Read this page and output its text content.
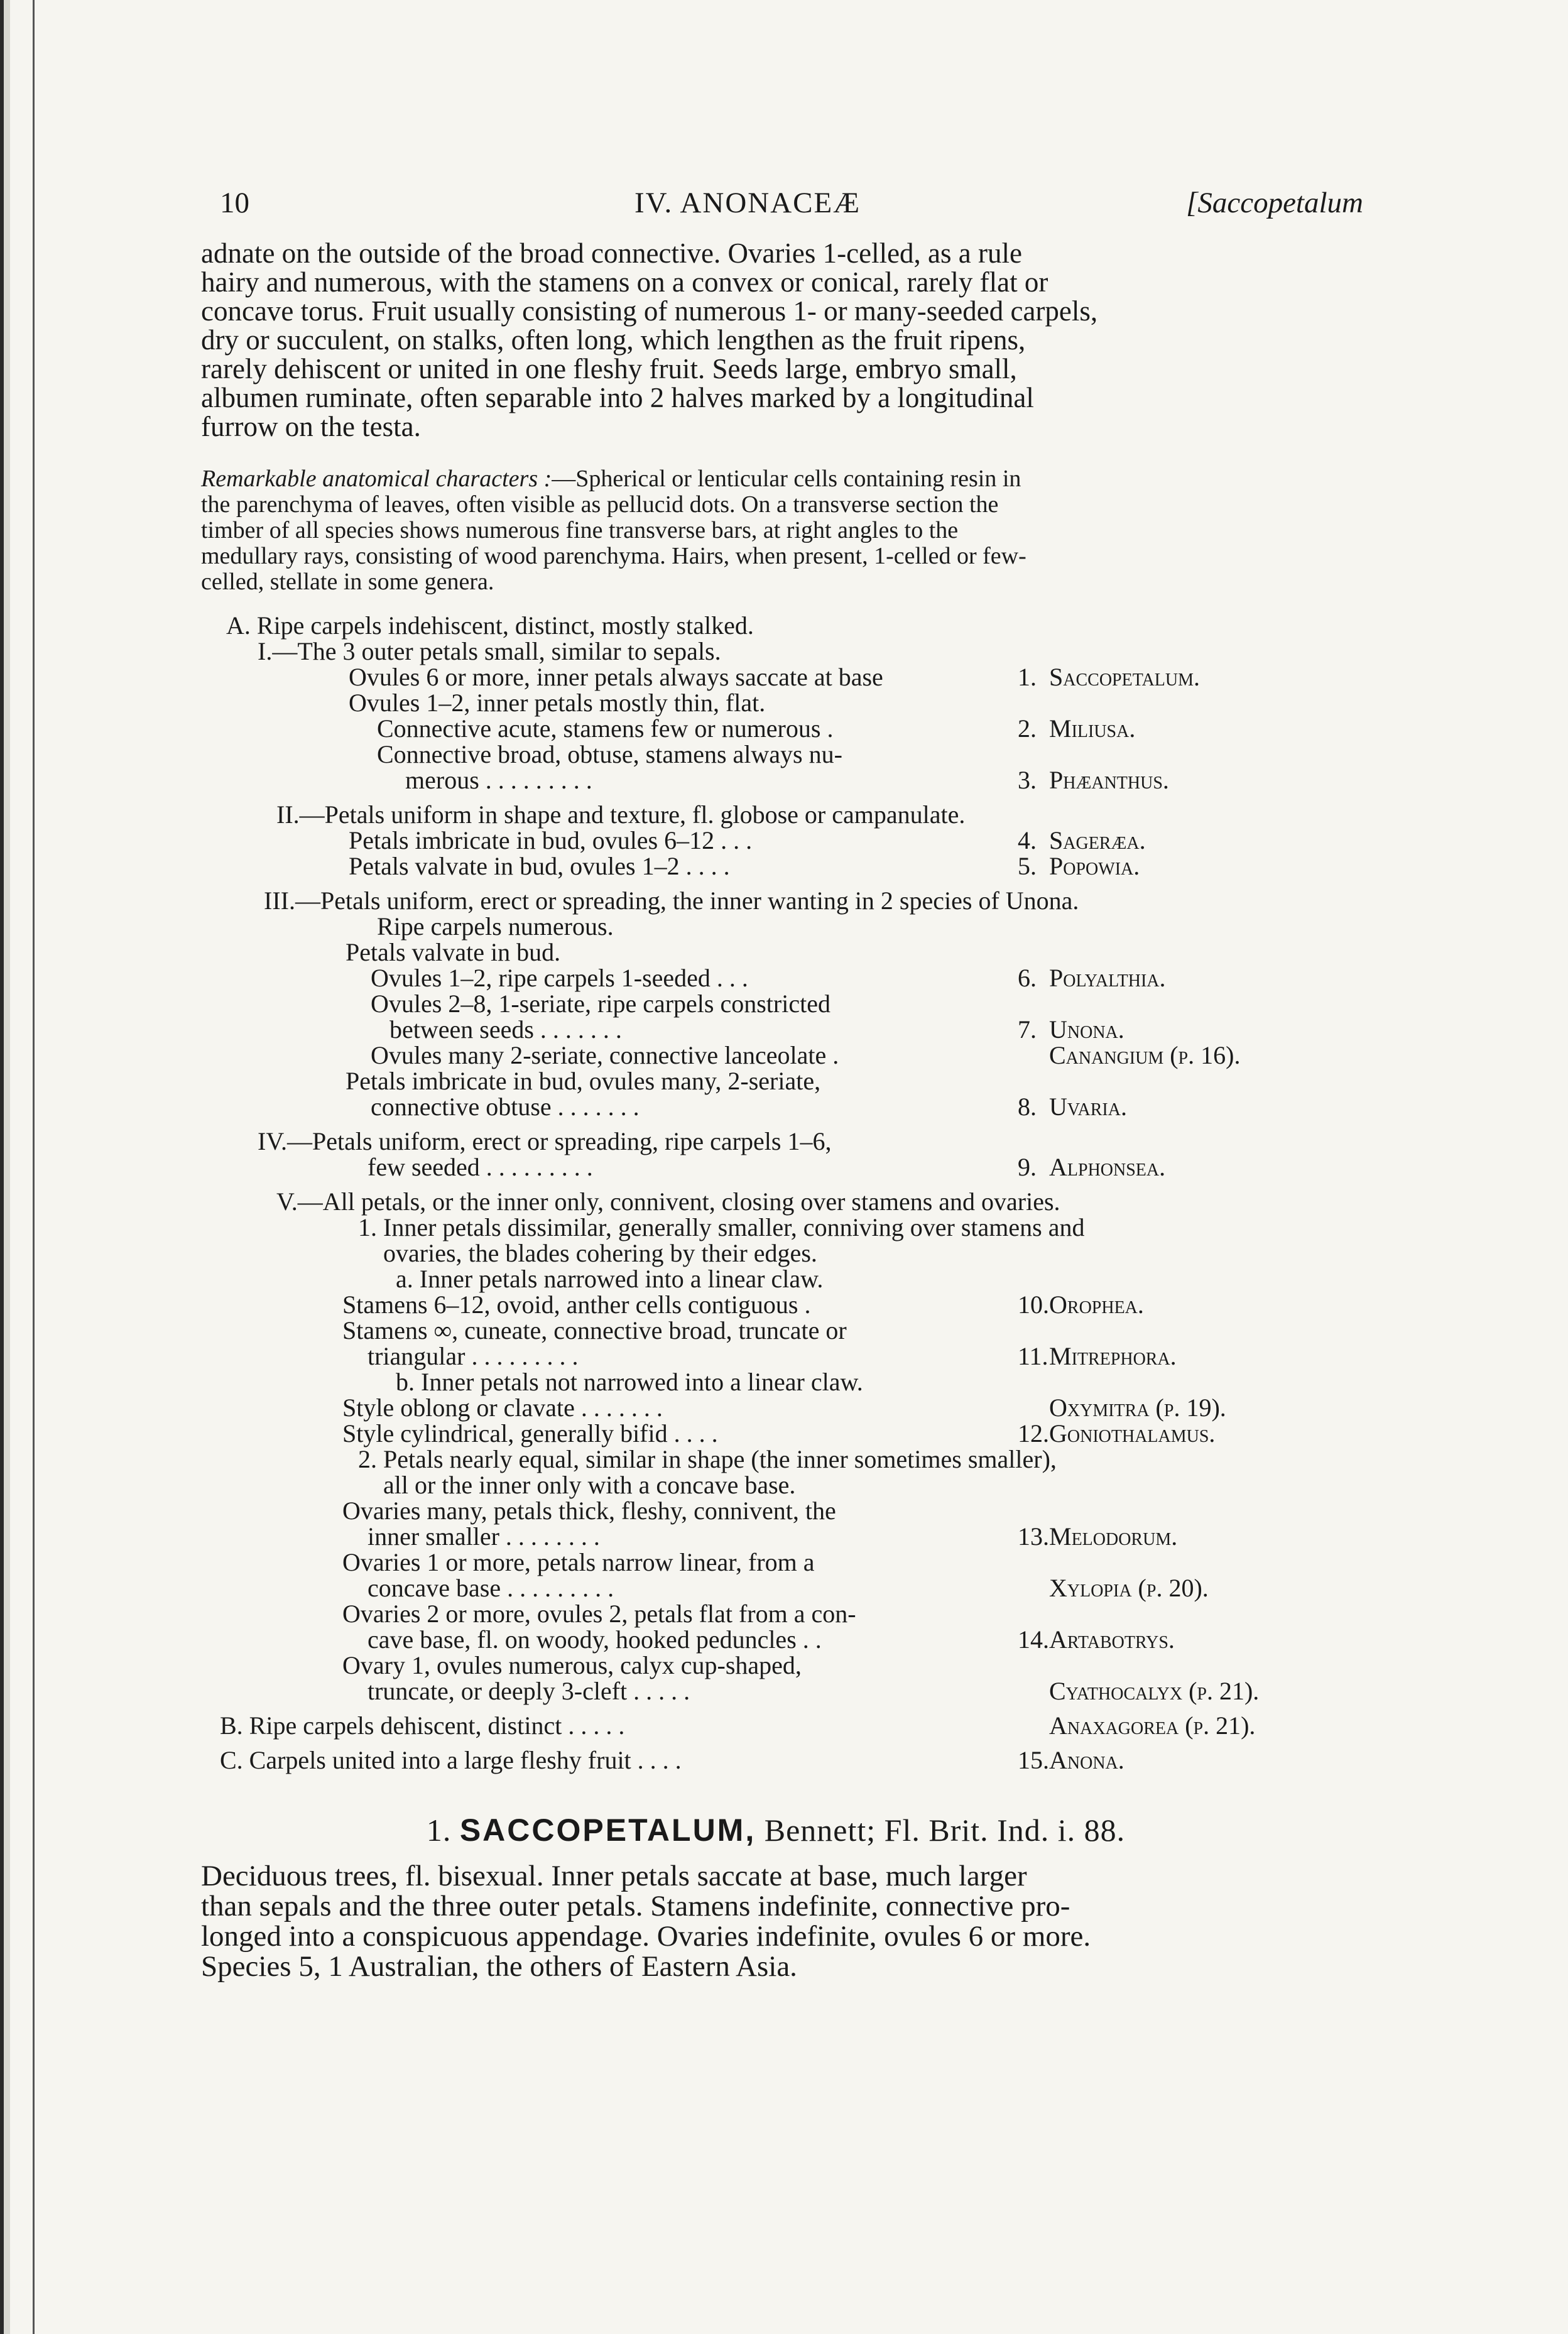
10	IV. ANONACEÆ	[Saccopetalum
adnate on the outside of the broad connective. Ovaries 1-celled, as a rule
hairy and numerous, with the stamens on a convex or conical, rarely flat or
concave torus. Fruit usually consisting of numerous 1- or many-seeded carpels,
dry or succulent, on stalks, often long, which lengthen as the fruit ripens,
rarely dehiscent or united in one fleshy fruit. Seeds large, embryo small,
albumen ruminate, often separable into 2 halves marked by a longitudinal
furrow on the testa.
Remarkable anatomical characters :—Spherical or lenticular cells containing resin in
the parenchyma of leaves, often visible as pellucid dots. On a transverse section the
timber of all species shows numerous fine transverse bars, at right angles to the
medullary rays, consisting of wood parenchyma. Hairs, when present, 1-celled or few-
celled, stellate in some genera.
A. Ripe carpels indehiscent, distinct, mostly stalked.
I.—The 3 outer petals small, similar to sepals.
Ovules 6 or more, inner petals always saccate at base	1. Saccopetalum.
Ovules 1–2, inner petals mostly thin, flat.
Connective acute, stamens few or numerous .	2. Miliusa.
Connective broad, obtuse, stamens always nu-
merous . . . . . . . . .	3. Phæanthus.
II.—Petals uniform in shape and texture, fl. globose or campanulate.
Petals imbricate in bud, ovules 6–12 . . .	4. Sageræa.
Petals valvate in bud, ovules 1–2 . . . .	5. Popowia.
III.—Petals uniform, erect or spreading, the inner wanting in 2 species of Unona.
Ripe carpels numerous.
Petals valvate in bud.
Ovules 1–2, ripe carpels 1-seeded . . .	6. Polyalthia.
Ovules 2–8, 1-seriate, ripe carpels constricted
between seeds . . . . . . .	7. Unona.
Ovules many 2-seriate, connective lanceolate .	Canangium (p. 16).
Petals imbricate in bud, ovules many, 2-seriate,
connective obtuse . . . . . . .	8. Uvaria.
IV.—Petals uniform, erect or spreading, ripe carpels 1–6,
few seeded . . . . . . . . .	9. Alphonsea.
V.—All petals, or the inner only, connivent, closing over stamens and ovaries.
1. Inner petals dissimilar, generally smaller, conniving over stamens and
ovaries, the blades cohering by their edges.
a. Inner petals narrowed into a linear claw.
Stamens 6–12, ovoid, anther cells contiguous .	10. Orophea.
Stamens ∞, cuneate, connective broad, truncate or
triangular . . . . . . . . .	11. Mitrephora.
b. Inner petals not narrowed into a linear claw.
Style oblong or clavate . . . . . . .	Oxymitra (p. 19).
Style cylindrical, generally bifid . . . .	12. Goniothalamus.
2. Petals nearly equal, similar in shape (the inner sometimes smaller),
all or the inner only with a concave base.
Ovaries many, petals thick, fleshy, connivent, the
inner smaller . . . . . . . .	13. Melodorum.
Ovaries 1 or more, petals narrow linear, from a
concave base . . . . . . . . .	Xylopia (p. 20).
Ovaries 2 or more, ovules 2, petals flat from a con-
cave base, fl. on woody, hooked peduncles . .	14. Artabotrys.
Ovary 1, ovules numerous, calyx cup-shaped,
truncate, or deeply 3-cleft . . . . .	Cyathocalyx (p. 21).
B. Ripe carpels dehiscent, distinct . . . . .	Anaxagorea (p. 21).
C. Carpels united into a large fleshy fruit . . . .	15. Anona.
1. SACCOPETALUM, Bennett; Fl. Brit. Ind. i. 88.
Deciduous trees, fl. bisexual. Inner petals saccate at base, much larger
than sepals and the three outer petals. Stamens indefinite, connective pro-
longed into a conspicuous appendage. Ovaries indefinite, ovules 6 or more.
Species 5, 1 Australian, the others of Eastern Asia.
